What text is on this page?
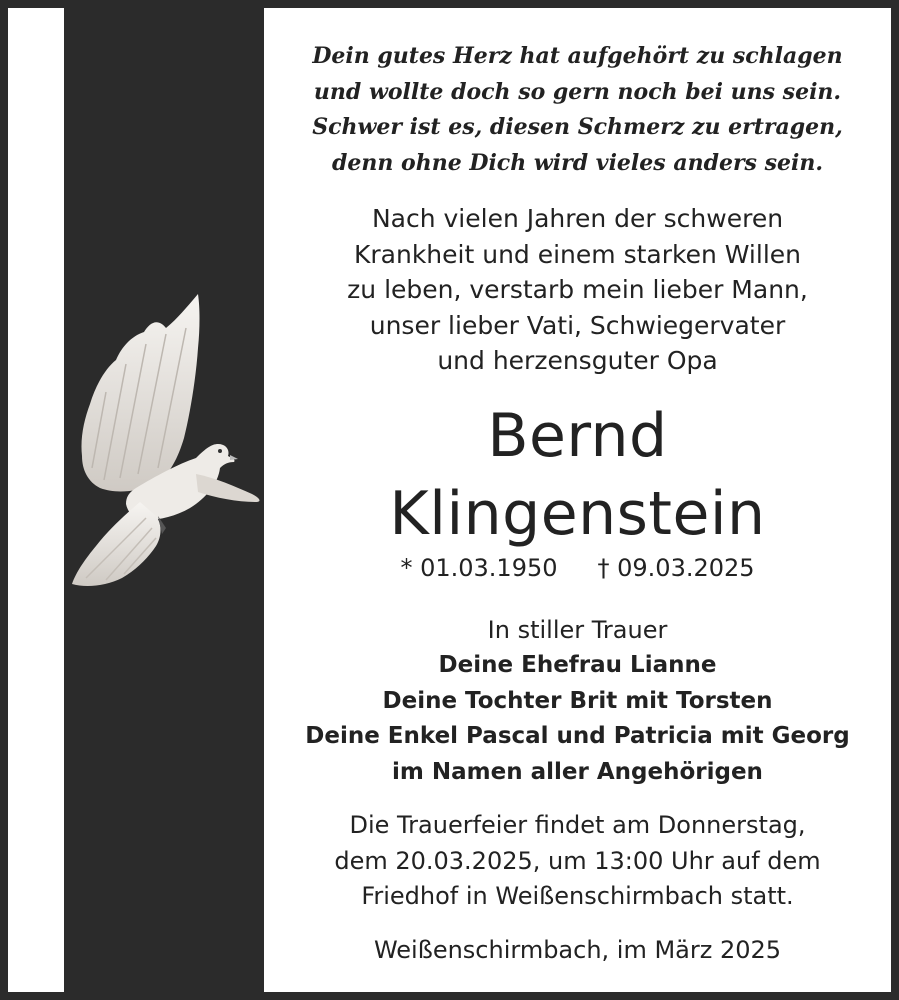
Dein gutes Herz hat aufgehört zu schlagen
und wollte doch so gern noch bei uns sein.
Schwer ist es, diesen Schmerz zu ertragen,
denn ohne Dich wird vieles anders sein.
Nach vielen Jahren der schweren
Krankheit und einem starken Willen
zu leben, verstarb mein lieber Mann,
unser lieber Vati, Schwiegervater
und herzensguter Opa
Bernd
Klingenstein
* 01.03.1950 † 09.03.2025
In stiller Trauer
Deine Ehefrau Lianne
Deine Tochter Brit mit Torsten
Deine Enkel Pascal und Patricia mit Georg
im Namen aller Angehörigen
Die Trauerfeier findet am Donnerstag,
dem 20.03.2025, um 13:00 Uhr auf dem
Friedhof in Weißenschirmbach statt.
Weißenschirmbach, im März 2025
